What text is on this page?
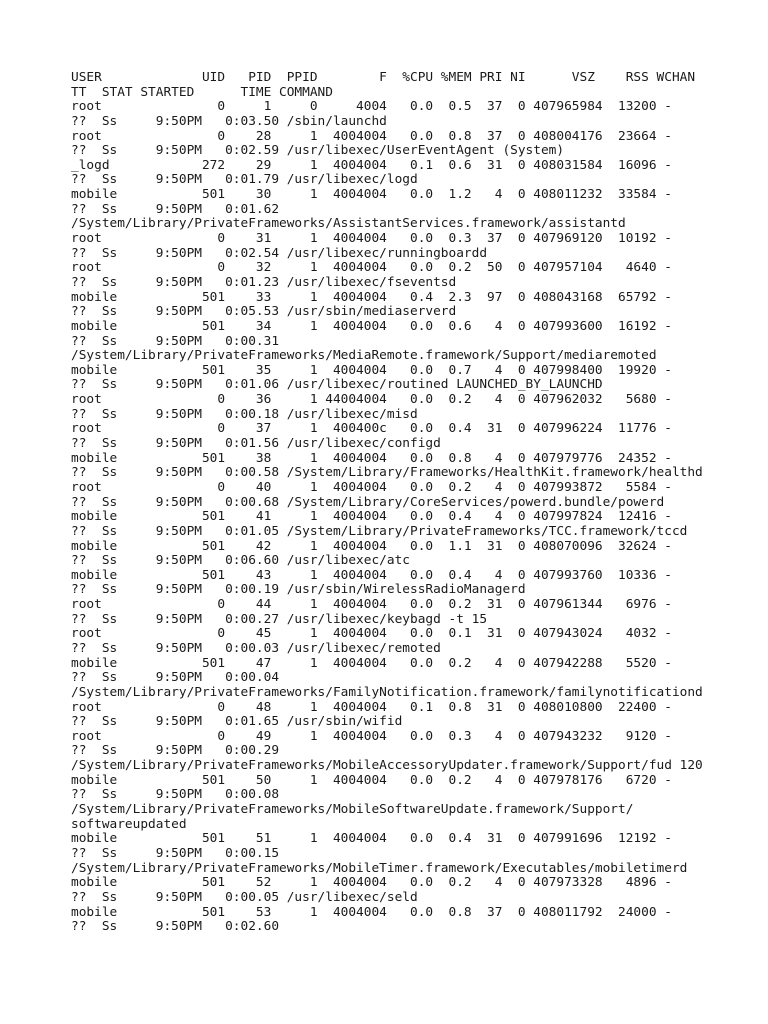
USER             UID   PID  PPID        F  %CPU %MEM PRI NI      VSZ    RSS WCHAN
TT  STAT STARTED      TIME COMMAND
root               0     1     0     4004   0.0  0.5  37  0 407965984  13200 -
??  Ss     9:50PM   0:03.50 /sbin/launchd
root               0    28     1  4004004   0.0  0.8  37  0 408004176  23664 -
??  Ss     9:50PM   0:02.59 /usr/libexec/UserEventAgent (System)
_logd            272    29     1  4004004   0.1  0.6  31  0 408031584  16096 -
??  Ss     9:50PM   0:01.79 /usr/libexec/logd
mobile           501    30     1  4004004   0.0  1.2   4  0 408011232  33584 -
??  Ss     9:50PM   0:01.62
/System/Library/PrivateFrameworks/AssistantServices.framework/assistantd
root               0    31     1  4004004   0.0  0.3  37  0 407969120  10192 -
??  Ss     9:50PM   0:02.54 /usr/libexec/runningboardd
root               0    32     1  4004004   0.0  0.2  50  0 407957104   4640 -
??  Ss     9:50PM   0:01.23 /usr/libexec/fseventsd
mobile           501    33     1  4004004   0.4  2.3  97  0 408043168  65792 -
??  Ss     9:50PM   0:05.53 /usr/sbin/mediaserverd
mobile           501    34     1  4004004   0.0  0.6   4  0 407993600  16192 -
??  Ss     9:50PM   0:00.31
/System/Library/PrivateFrameworks/MediaRemote.framework/Support/mediaremoted
mobile           501    35     1  4004004   0.0  0.7   4  0 407998400  19920 -
??  Ss     9:50PM   0:01.06 /usr/libexec/routined LAUNCHED_BY_LAUNCHD
root               0    36     1 44004004   0.0  0.2   4  0 407962032   5680 -
??  Ss     9:50PM   0:00.18 /usr/libexec/misd
root               0    37     1  400400c   0.0  0.4  31  0 407996224  11776 -
??  Ss     9:50PM   0:01.56 /usr/libexec/configd
mobile           501    38     1  4004004   0.0  0.8   4  0 407979776  24352 -
??  Ss     9:50PM   0:00.58 /System/Library/Frameworks/HealthKit.framework/healthd
root               0    40     1  4004004   0.0  0.2   4  0 407993872   5584 -
??  Ss     9:50PM   0:00.68 /System/Library/CoreServices/powerd.bundle/powerd
mobile           501    41     1  4004004   0.0  0.4   4  0 407997824  12416 -
??  Ss     9:50PM   0:01.05 /System/Library/PrivateFrameworks/TCC.framework/tccd
mobile           501    42     1  4004004   0.0  1.1  31  0 408070096  32624 -
??  Ss     9:50PM   0:06.60 /usr/libexec/atc
mobile           501    43     1  4004004   0.0  0.4   4  0 407993760  10336 -
??  Ss     9:50PM   0:00.19 /usr/sbin/WirelessRadioManagerd
root               0    44     1  4004004   0.0  0.2  31  0 407961344   6976 -
??  Ss     9:50PM   0:00.27 /usr/libexec/keybagd -t 15
root               0    45     1  4004004   0.0  0.1  31  0 407943024   4032 -
??  Ss     9:50PM   0:00.03 /usr/libexec/remoted
mobile           501    47     1  4004004   0.0  0.2   4  0 407942288   5520 -
??  Ss     9:50PM   0:00.04
/System/Library/PrivateFrameworks/FamilyNotification.framework/familynotificationd
root               0    48     1  4004004   0.1  0.8  31  0 408010800  22400 -
??  Ss     9:50PM   0:01.65 /usr/sbin/wifid
root               0    49     1  4004004   0.0  0.3   4  0 407943232   9120 -
??  Ss     9:50PM   0:00.29
/System/Library/PrivateFrameworks/MobileAccessoryUpdater.framework/Support/fud 120
mobile           501    50     1  4004004   0.0  0.2   4  0 407978176   6720 -
??  Ss     9:50PM   0:00.08
/System/Library/PrivateFrameworks/MobileSoftwareUpdate.framework/Support/
softwareupdated
mobile           501    51     1  4004004   0.0  0.4  31  0 407991696  12192 -
??  Ss     9:50PM   0:00.15
/System/Library/PrivateFrameworks/MobileTimer.framework/Executables/mobiletimerd
mobile           501    52     1  4004004   0.0  0.2   4  0 407973328   4896 -
??  Ss     9:50PM   0:00.05 /usr/libexec/seld
mobile           501    53     1  4004004   0.0  0.8  37  0 408011792  24000 -
??  Ss     9:50PM   0:02.60
